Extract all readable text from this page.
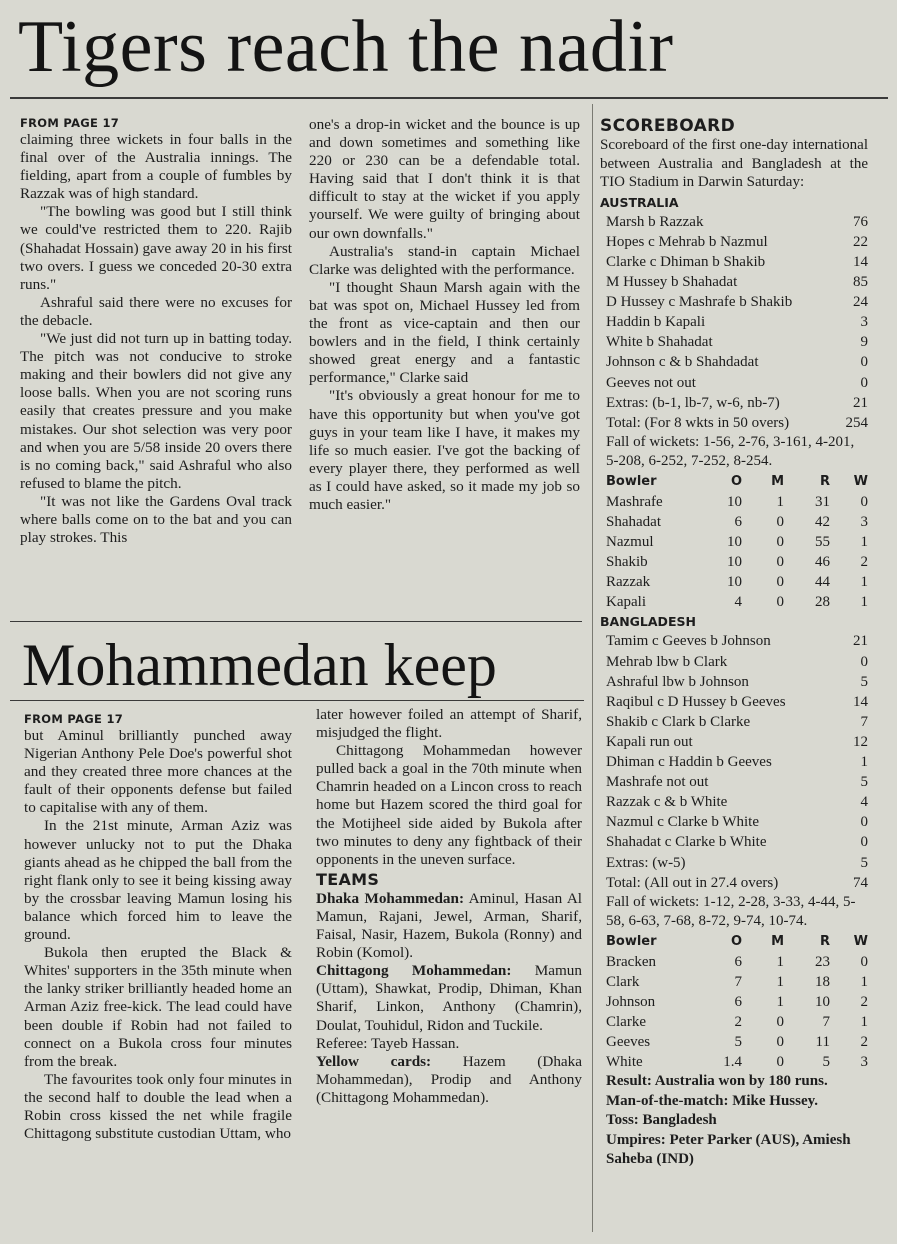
Tigers reach the nadir

FROM PAGE 17

claiming three wickets in four balls in the final over of the Australia innings. The fielding, apart from a couple of fumbles by Razzak was of high standard.

"The bowling was good but I still think we could've restricted them to 220. Rajib (Shahadat Hossain) gave away 20 in his first two overs. I guess we conceded 20-30 extra runs."

Ashraful said there were no excuses for the debacle.

"We just did not turn up in batting today. The pitch was not conducive to stroke making and their bowlers did not give any loose balls. When you are not scoring runs easily that creates pressure and you make mistakes. Our shot selection was very poor and when you are 5/58 inside 20 overs there is no coming back," said Ashraful who also refused to blame the pitch.

"It was not like the Gardens Oval track where balls come on to the bat and you can play strokes. This

one's a drop-in wicket and the bounce is up and down sometimes and something like 220 or 230 can be a defendable total. Having said that I don't think it is that difficult to stay at the wicket if you apply yourself. We were guilty of bringing about our own downfalls."

Australia's stand-in captain Michael Clarke was delighted with the performance.

"I thought Shaun Marsh again with the bat was spot on, Michael Hussey led from the front as vice-captain and then our bowlers and in the field, I think certainly showed great energy and a fantastic performance," Clarke said

"It's obviously a great honour for me to have this opportunity but when you've got guys in your team like I have, it makes my life so much easier. I've got the backing of every player there, they performed as well as I could have asked, so it made my job so much easier."

Mohammedan keep

FROM PAGE 17

but Aminul brilliantly punched away Nigerian Anthony Pele Doe's powerful shot and they created three more chances at the fault of their opponents defense but failed to capitalise with any of them.

In the 21st minute, Arman Aziz was however unlucky not to put the Dhaka giants ahead as he chipped the ball from the right flank only to see it being kissing away by the crossbar leaving Mamun losing his balance which forced him to leave the ground.

Bukola then erupted the Black & Whites' supporters in the 35th minute when the lanky striker brilliantly headed home an Arman Aziz free-kick. The lead could have been double if Robin had not failed to connect on a Bukola cross four minutes from the break.

The favourites took only four minutes in the second half to double the lead when a Robin cross kissed the net while fragile Chittagong substitute custodian Uttam, who

later however foiled an attempt of Sharif, misjudged the flight.

Chittagong Mohammedan however pulled back a goal in the 70th minute when Chamrin headed on a Lincon cross to reach home but Hazem scored the third goal for the Motijheel side aided by Bukola after two minutes to deny any fightback of their opponents in the uneven surface.

TEAMS

Dhaka Mohammedan: Aminul, Hasan Al Mamun, Rajani, Jewel, Arman, Sharif, Faisal, Nasir, Hazem, Bukola (Ronny) and Robin (Komol).

Chittagong Mohammedan: Mamun (Uttam), Shawkat, Prodip, Dhiman, Khan Sharif, Linkon, Anthony (Chamrin), Doulat, Touhidul, Ridon and Tuckile.

Referee: Tayeb Hassan.

Yellow cards: Hazem (Dhaka Mohammedan), Prodip and Anthony (Chittagong Mohammedan).

SCOREBOARD
Scoreboard of the first one-day international between Australia and Bangladesh at the TIO Stadium in Darwin Saturday:
AUSTRALIA
Marsh b Razzak	76
Hopes c Mehrab b Nazmul	22
Clarke c Dhiman b Shakib	14
M Hussey b Shahadat	85
D Hussey c Mashrafe b Shakib	24
Haddin b Kapali	3
White b Shahadat	9
Johnson c & b Shahdadat	0
Geeves not out	0
Extras: (b-1, lb-7, w-6, nb-7)	21
Total: (For 8 wkts in 50 overs)	254
Fall of wickets: 1-56, 2-76, 3-161, 4-201, 5-208, 6-252, 7-252, 8-254.
Bowler	O	M	R	W
Mashrafe	10	1	31	0
Shahadat	6	0	42	3
Nazmul	10	0	55	1
Shakib	10	0	46	2
Razzak	10	0	44	1
Kapali	4	0	28	1
BANGLADESH
Tamim c Geeves b Johnson	21
Mehrab lbw b Clark	0
Ashraful lbw b Johnson	5
Raqibul c D Hussey b Geeves	14
Shakib c Clark b Clarke	7
Kapali run out	12
Dhiman c Haddin b Geeves	1
Mashrafe not out	5
Razzak c & b White	4
Nazmul c Clarke b White	0
Shahadat c Clarke b White	0
Extras: (w-5)	5
Total: (All out in 27.4 overs)	74
Fall of wickets: 1-12, 2-28, 3-33, 4-44, 5-58, 6-63, 7-68, 8-72, 9-74, 10-74.
Bowler	O	M	R	W
Bracken	6	1	23	0
Clark	7	1	18	1
Johnson	6	1	10	2
Clarke	2	0	7	1
Geeves	5	0	11	2
White	1.4	0	5	3
Result: Australia won by 180 runs.
Man-of-the-match: Mike Hussey.
Toss: Bangladesh
Umpires: Peter Parker (AUS), Amiesh Saheba (IND)
